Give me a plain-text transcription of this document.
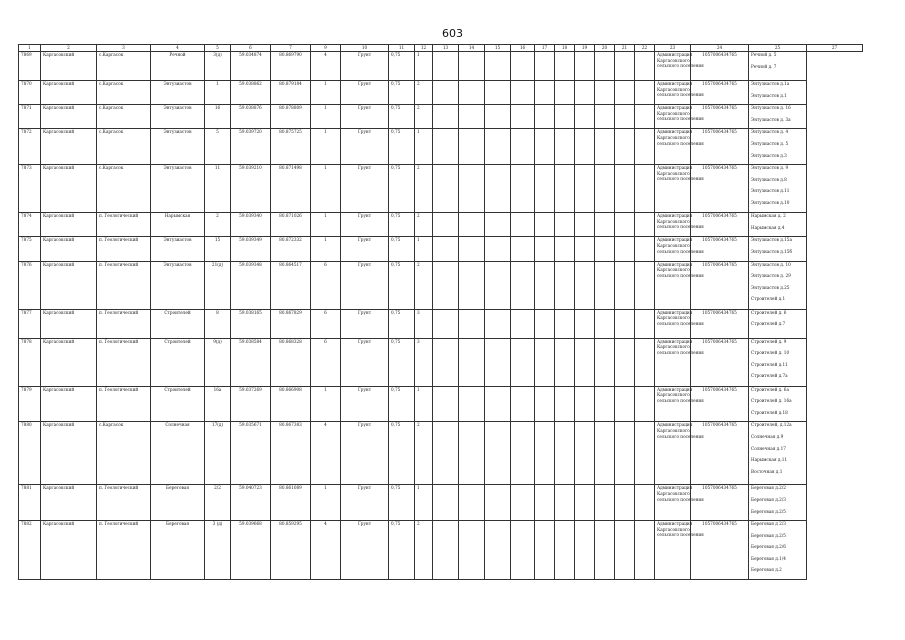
603
1	2	3	4	5	6	7	9	10	11	12	13	14	15	16	17	18	19	20	21	22	23	24	25	27
7869	Каргасокский	с.Каргасок	Речной	3(д)	59.034874	80.869790	4	Грунт	0,75	1											Администрация
Каргасокского
сельского поселения	1057006434765	Речной д. 5
Речной д. 7	

7870	Каргасокский	с.Каргасок	Энтузиастов	1	59.038862	80.879184	1	Грунт	0,75	2											Администрация
Каргасокского
сельского поселения	1057006434765	Энтузиастов д.1а
Энтузиастов д.1	

7871	Каргасокский	с.Каргасок	Энтузиастов	16	59.038876	80.878809	1	Грунт	0,75	2											Администрация
Каргасокского
сельского поселения	1057006434765	Энтузиастов д. 16
Энтузиастов д. 3а	

7872	Каргасокский	с.Каргасок	Энтузиастов	5	59.039720	80.875725	1	Грунт	0,75	1											Администрация
Каргасокского
сельского поселения	1057006434765	Энтузиастов д. 4
Энтузиастов д. 5
Энтузиастов д.3	

7873	Каргасокский	с.Каргасок	Энтузиастов	11	59.039210	80.871498	1	Грунт	0,75	2											Администрация
Каргасокского
сельского поселения	1057006434765	Энтузиастов д. 9
Энтузиастов д.8
Энтузиастов д.11
Энтузиастов д.10	

7874	Каргасокский	п. Геологический	Нарымская	2	59.039340	80.871026	1	Грунт	0,75	2											Администрация
Каргасокского
сельского поселения	1057006434765	Нарымская д. 2
Нарымская д.4	

7875	Каргасокский	п. Геологический	Энтузиастов	15	59.039349	80.872332	1	Грунт	0,75	1											Администрация
Каргасокского
сельского поселения	1057006434765	Энтузиастов д.15а
Энтузиастов д.15б	

7876	Каргасокский	п. Геологический	Энтузиастов	21(д)	59.039348	80.864517	6	Грунт	0,75	2											Администрация
Каргасокского
сельского поселения	1057006434765	Энтузиастов д. 10
Энтузиастов д. 29
Энтузиастов д.25
Строителей д.1	

7877	Каргасокский	п. Геологический	Строителей	8	59.038165	80.867829	6	Грунт	0,75	3											Администрация
Каргасокского
сельского поселения	1057006434765	Строителей д. 6
Строителей д.7	

7878	Каргасокский	п. Геологический	Строителей	9(д)	59.038584	80.868328	6	Грунт	0,75	3											Администрация
Каргасокского
сельского поселения	1057006434765	Строителей д. 9
Строителей д. 10
Строителей д.11
Строителей д.7а	

7879	Каргасокский	п. Геологический	Строителей	16а	59.037269	80.866908	1	Грунт	0,75	1											Администрация
Каргасокского
сельского поселения	1057006434765	Строителей д. 6а
Строителей д. 16а
Строителей д.18	

7880	Каргасокский	с.Каргасок	Солнечная	17(д)	59.035671	80.867383	4	Грунт	0,75	2											Администрация
Каргасокского
сельского поселения	1057006434765	Строителей, д.12а
Солнечная д.9
Солнечная д.17
Нарымская д.11
Восточная д.1	

7881	Каргасокский	п. Геологический	Береговая	2/2	59.040723	80.861089	1	Грунт	0,75	1											Администрация
Каргасокского
сельского поселения	1057006434765	Береговая д.2/2
Береговая д.2/3
Береговая д.2/5	

7882	Каргасокский	п. Геологический	Береговая	3 (д)	59.039668	80.859295	4	Грунт	0,75	2											Администрация
Каргасокского
сельского поселения	1057006434765	Береговая д 2/3
Береговая д.2/5
Береговая д.2/6
Береговая д.1/4
Береговая д.2	
